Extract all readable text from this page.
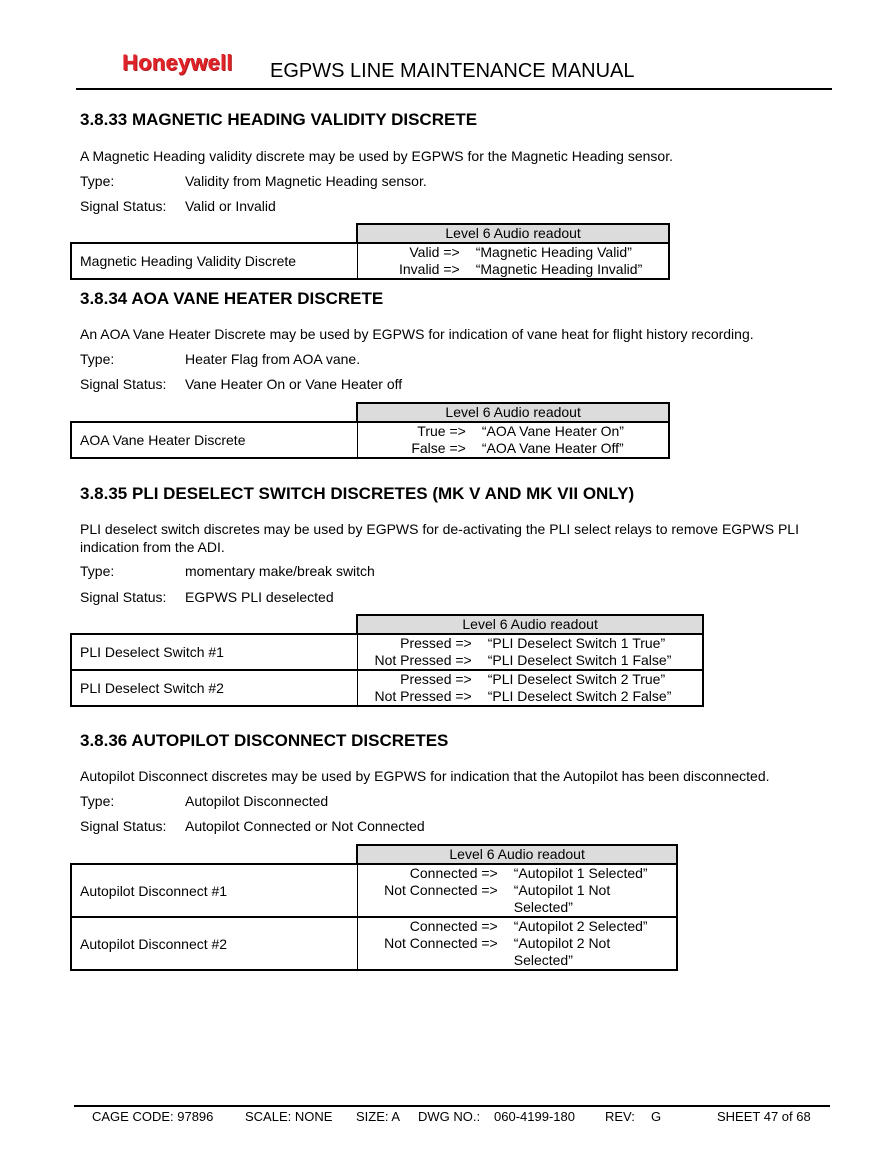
Honeywell EGPWS LINE MAINTENANCE MANUAL
3.8.33 MAGNETIC HEADING VALIDITY DISCRETE
A Magnetic Heading validity discrete may be used by EGPWS for the Magnetic Heading sensor.
Type:	Validity from Magnetic Heading sensor.
Signal Status: Valid or Invalid
	Level 6 Audio readout
Magnetic Heading Validity Discrete	Valid => “Magnetic Heading Valid”
Invalid => “Magnetic Heading Invalid”
3.8.34 AOA VANE HEATER DISCRETE
An AOA Vane Heater Discrete may be used by EGPWS for indication of vane heat for flight history recording.
Type:	Heater Flag from AOA vane.
Signal Status: Vane Heater On or Vane Heater off
	Level 6 Audio readout
AOA Vane Heater Discrete	True => “AOA Vane Heater On”
False => “AOA Vane Heater Off”
3.8.35 PLI DESELECT SWITCH DISCRETES (MK V AND MK VII ONLY)
PLI deselect switch discretes may be used by EGPWS for de-activating the PLI select relays to remove EGPWS PLI
indication from the ADI.
Type:	momentary make/break switch
Signal Status: EGPWS PLI deselected
	Level 6 Audio readout
PLI Deselect Switch #1	Pressed => “PLI Deselect Switch 1 True”
Not Pressed => “PLI Deselect Switch 1 False”

PLI Deselect Switch #2	Pressed => “PLI Deselect Switch 2 True”
Not Pressed => “PLI Deselect Switch 2 False”
3.8.36 AUTOPILOT DISCONNECT DISCRETES
Autopilot Disconnect discretes may be used by EGPWS for indication that the Autopilot has been disconnected.
Type:	Autopilot Disconnected
Signal Status: Autopilot Connected or Not Connected
	Level 6 Audio readout
Autopilot Disconnect #1	Connected => “Autopilot 1 Selected”
Not Connected => “Autopilot 1 Not
Selected”

Autopilot Disconnect #2	Connected => “Autopilot 2 Selected”
Not Connected => “Autopilot 2 Not
Selected”
CAGE CODE: 97896 SCALE: NONE SIZE: A DWG NO.: 060-4199-180 REV: G	SHEET 47 of 68
